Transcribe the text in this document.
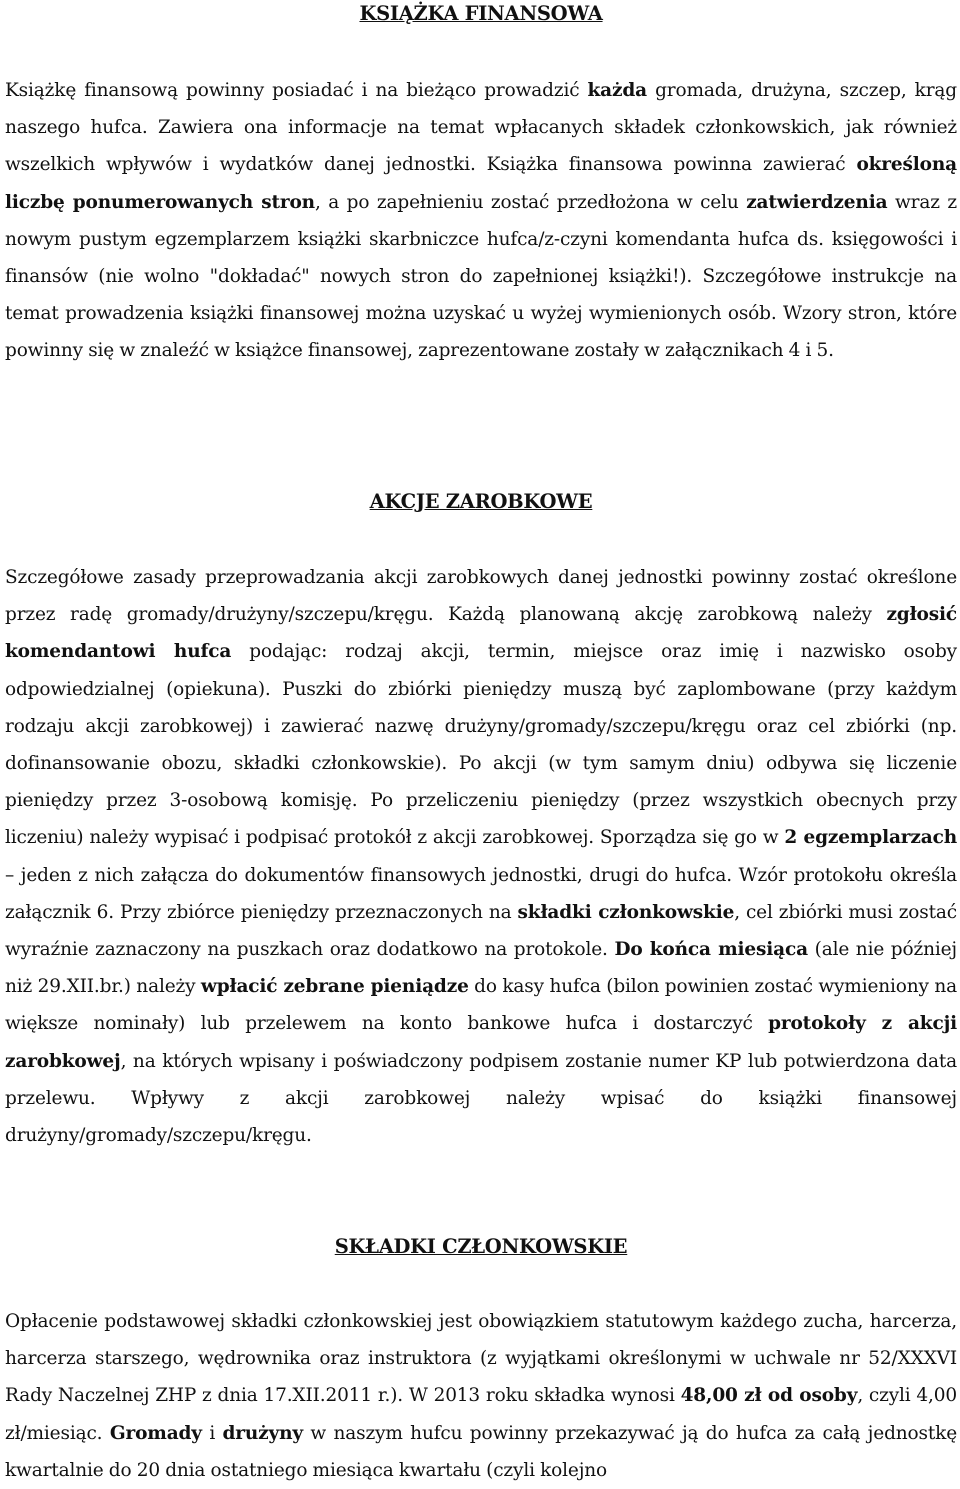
KSIĄŻKA FINANSOWA

Książkę finansową powinny posiadać i na bieżąco prowadzić każda gromada, drużyna, szczep, krąg naszego hufca. Zawiera ona informacje na temat wpłacanych składek członkowskich, jak również wszelkich wpływów i wydatków danej jednostki. Książka finansowa powinna zawierać określoną liczbę ponumerowanych stron, a po zapełnieniu zostać przedłożona w celu zatwierdzenia wraz z nowym pustym egzemplarzem książki skarbniczce hufca/z-czyni komendanta hufca ds. księgowości i finansów (nie wolno "dokładać" nowych stron do zapełnionej książki!). Szczegółowe instrukcje na temat prowadzenia książki finansowej można uzyskać u wyżej wymienionych osób. Wzory stron, które powinny się w znaleźć w książce finansowej, zaprezentowane zostały w załącznikach 4 i 5.

AKCJE ZAROBKOWE

Szczegółowe zasady przeprowadzania akcji zarobkowych danej jednostki powinny zostać określone przez radę gromady/drużyny/szczepu/kręgu. Każdą planowaną akcję zarobkową należy zgłosić komendantowi hufca podając: rodzaj akcji, termin, miejsce oraz imię i nazwisko osoby odpowiedzialnej (opiekuna). Puszki do zbiórki pieniędzy muszą być zaplombowane (przy każdym rodzaju akcji zarobkowej) i zawierać nazwę drużyny/gromady/szczepu/kręgu oraz cel zbiórki (np. dofinansowanie obozu, składki członkowskie). Po akcji (w tym samym dniu) odbywa się liczenie pieniędzy przez 3-osobową komisję. Po przeliczeniu pieniędzy (przez wszystkich obecnych przy liczeniu) należy wypisać i podpisać protokół z akcji zarobkowej. Sporządza się go w 2 egzemplarzach – jeden z nich załącza do dokumentów finansowych jednostki, drugi do hufca. Wzór protokołu określa załącznik 6. Przy zbiórce pieniędzy przeznaczonych na składki członkowskie, cel zbiórki musi zostać wyraźnie zaznaczony na puszkach oraz dodatkowo na protokole. Do końca miesiąca (ale nie później niż 29.XII.br.) należy wpłacić zebrane pieniądze do kasy hufca (bilon powinien zostać wymieniony na większe nominały) lub przelewem na konto bankowe hufca i dostarczyć protokoły z akcji zarobkowej, na których wpisany i poświadczony podpisem zostanie numer KP lub potwierdzona data przelewu. Wpływy z akcji zarobkowej należy wpisać do książki finansowej drużyny/gromady/szczepu/kręgu.

SKŁADKI CZŁONKOWSKIE

Opłacenie podstawowej składki członkowskiej jest obowiązkiem statutowym każdego zucha, harcerza, harcerza starszego, wędrownika oraz instruktora (z wyjątkami określonymi w uchwale nr 52/XXXVI Rady Naczelnej ZHP z dnia 17.XII.2011 r.). W 2013 roku składka wynosi 48,00 zł od osoby, czyli 4,00 zł/miesiąc. Gromady i drużyny w naszym hufcu powinny przekazywać ją do hufca za całą jednostkę kwartalnie do 20 dnia ostatniego miesiąca kwartału (czyli kolejno
